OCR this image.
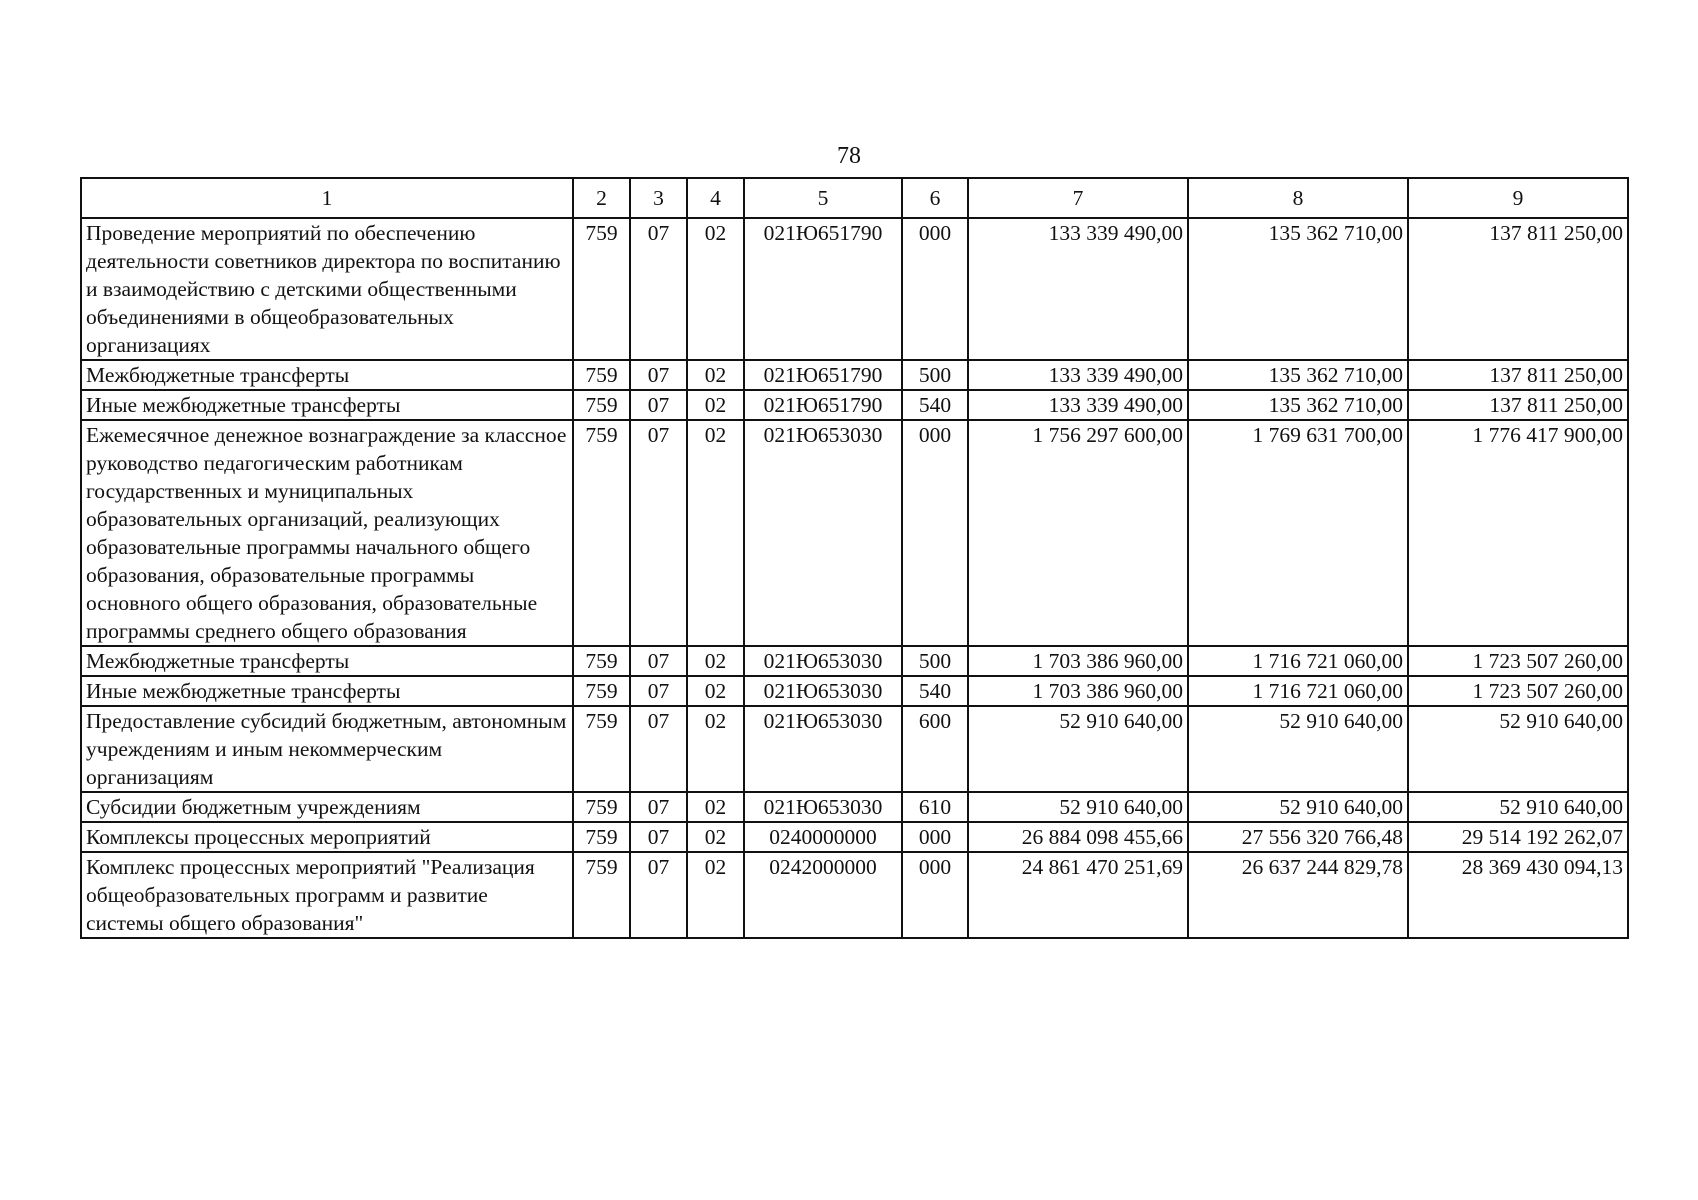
78
1	2	3	4	5	6	7	8	9
Проведение мероприятий по обеспечению деятельности советников директора по воспитанию и взаимодействию с детскими общественными объединениями в общеобразовательных организациях	759	07	02	021Ю651790	000	133 339 490,00	135 362 710,00	137 811 250,00
Межбюджетные трансферты	759	07	02	021Ю651790	500	133 339 490,00	135 362 710,00	137 811 250,00
Иные межбюджетные трансферты	759	07	02	021Ю651790	540	133 339 490,00	135 362 710,00	137 811 250,00
Ежемесячное денежное вознаграждение за классное руководство педагогическим работникам государственных и муниципальных образовательных организаций, реализующих образовательные программы начального общего образования, образовательные программы основного общего образования, образовательные программы среднего общего образования	759	07	02	021Ю653030	000	1 756 297 600,00	1 769 631 700,00	1 776 417 900,00
Межбюджетные трансферты	759	07	02	021Ю653030	500	1 703 386 960,00	1 716 721 060,00	1 723 507 260,00
Иные межбюджетные трансферты	759	07	02	021Ю653030	540	1 703 386 960,00	1 716 721 060,00	1 723 507 260,00
Предоставление субсидий бюджетным, автономным учреждениям и иным некоммерческим организациям	759	07	02	021Ю653030	600	52 910 640,00	52 910 640,00	52 910 640,00
Субсидии бюджетным учреждениям	759	07	02	021Ю653030	610	52 910 640,00	52 910 640,00	52 910 640,00
Комплексы процессных мероприятий	759	07	02	0240000000	000	26 884 098 455,66	27 556 320 766,48	29 514 192 262,07
Комплекс процессных мероприятий "Реализация общеобразовательных программ и развитие системы общего образования"	759	07	02	0242000000	000	24 861 470 251,69	26 637 244 829,78	28 369 430 094,13
